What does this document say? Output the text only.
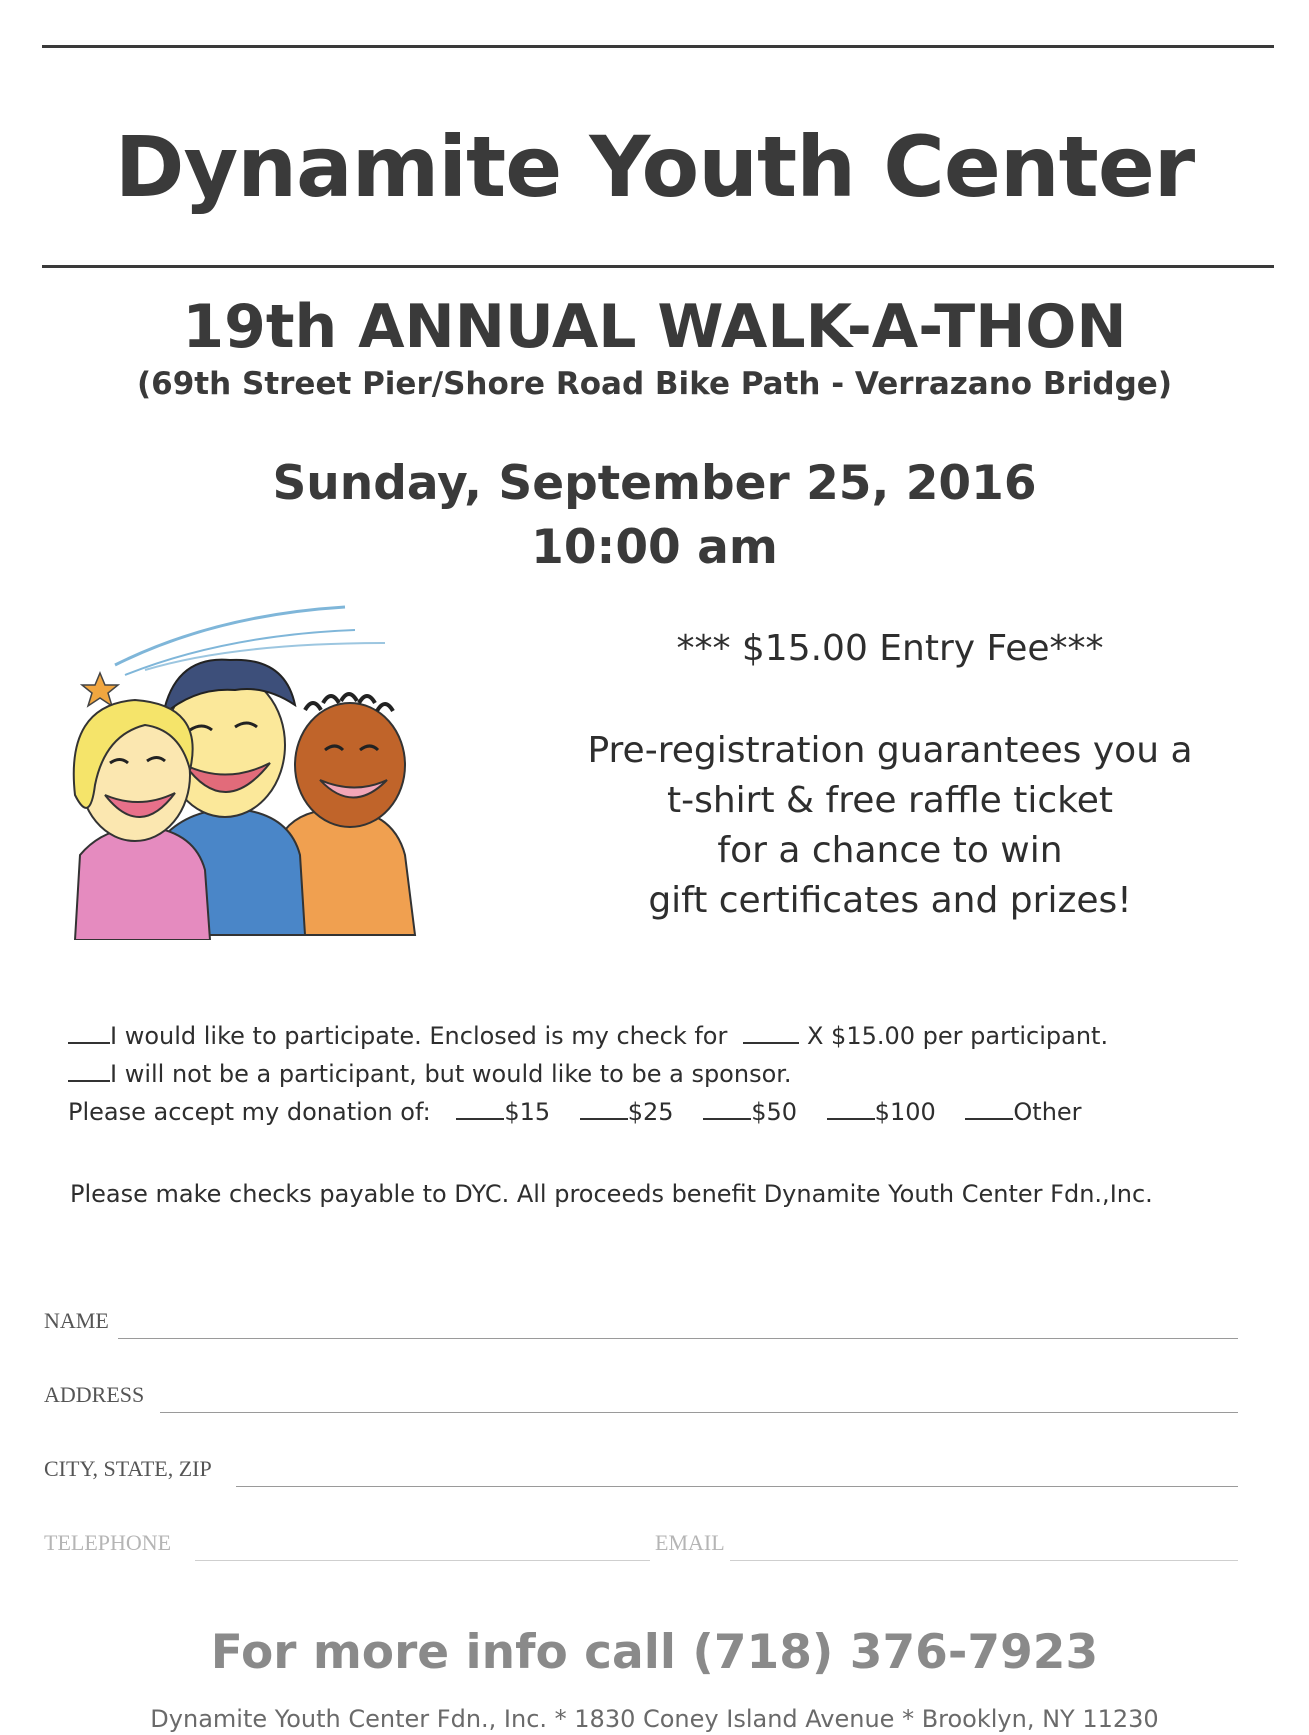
Dynamite Youth Center
19th ANNUAL WALK-A-THON
(69th Street Pier/Shore Road Bike Path - Verrazano Bridge)
Sunday, September 25, 2016
10:00 am
*** $15.00 Entry Fee***
Pre-registration guarantees you a
t-shirt & free raffle ticket
for a chance to win
gift certificates and prizes!
I would like to participate. Enclosed is my check for	X $15.00 per participant.
I will not be a participant, but would like to be a sponsor.
Please accept my donation of:	$15	$25	$50	$100	Other
Please make checks payable to DYC. All proceeds benefit Dynamite Youth Center Fdn.,Inc.
NAME
ADDRESS
CITY, STATE, ZIP
TELEPHONE	EMAIL
For more info call (718) 376-7923
Dynamite Youth Center Fdn., Inc. * 1830 Coney Island Avenue * Brooklyn, NY 11230
